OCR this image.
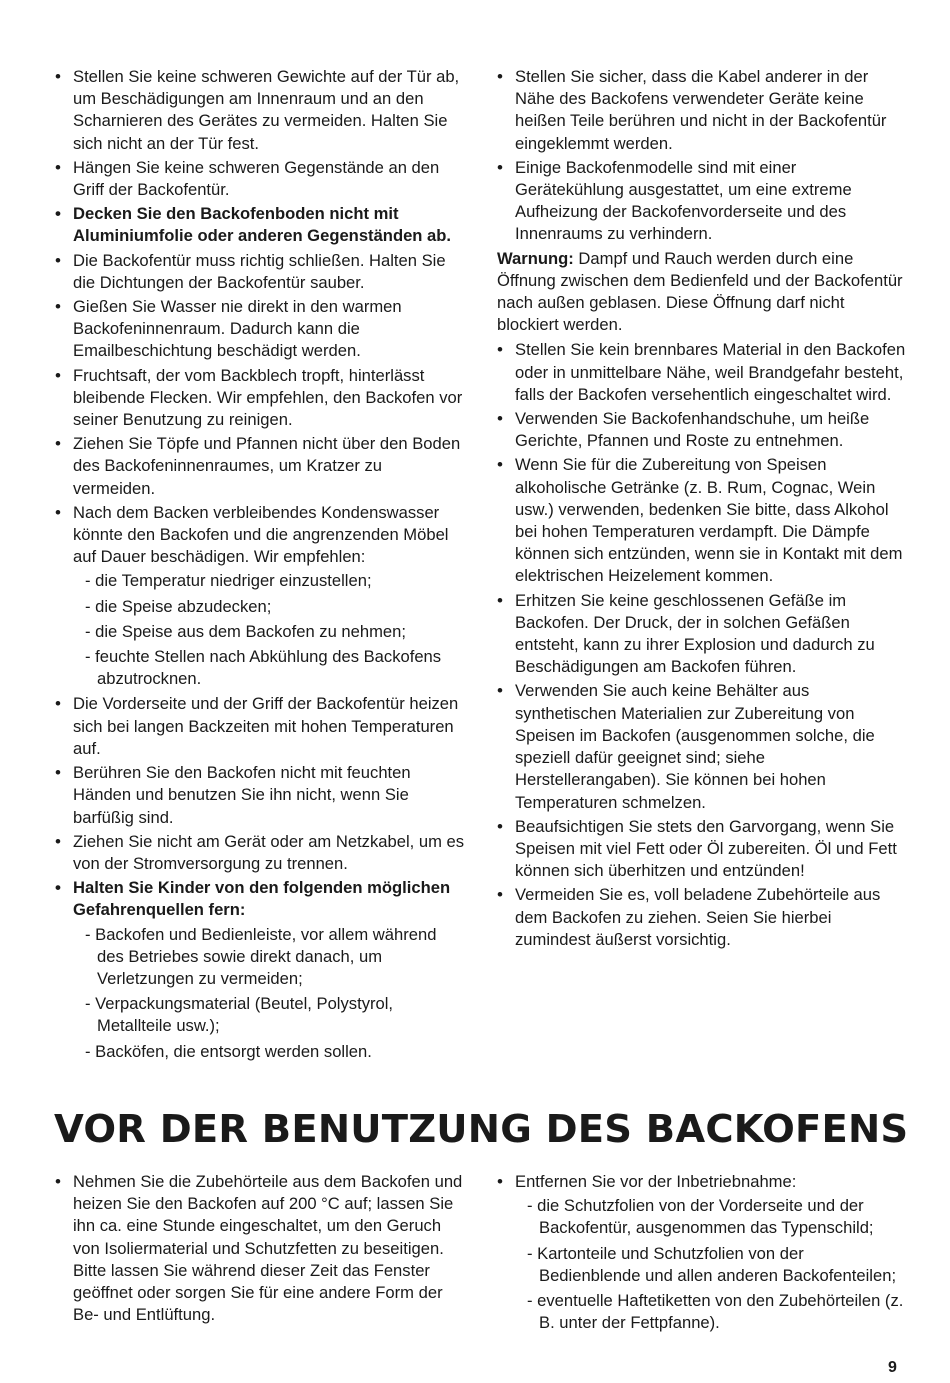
• Stellen Sie keine schweren Gewichte auf der Tür ab, um Beschädigungen am Innenraum und an den Scharnieren des Gerätes zu vermeiden. Halten Sie sich nicht an der Tür fest.
• Hängen Sie keine schweren Gegenstände an den Griff der Backofentür.
• Decken Sie den Backofenboden nicht mit Aluminiumfolie oder anderen Gegenständen ab.
• Die Backofentür muss richtig schließen. Halten Sie die Dichtungen der Backofentür sauber.
• Gießen Sie Wasser nie direkt in den warmen Backofeninnenraum. Dadurch kann die Emailbeschichtung beschädigt werden.
• Fruchtsaft, der vom Backblech tropft, hinterlässt bleibende Flecken. Wir empfehlen, den Backofen vor seiner Benutzung zu reinigen.
• Ziehen Sie Töpfe und Pfannen nicht über den Boden des Backofeninnenraumes, um Kratzer zu vermeiden.
• Nach dem Backen verbleibendes Kondenswasser könnte den Backofen und die angrenzenden Möbel auf Dauer beschädigen. Wir empfehlen:
- die Temperatur niedriger einzustellen;
- die Speise abzudecken;
- die Speise aus dem Backofen zu nehmen;
- feuchte Stellen nach Abkühlung des Backofens abzutrocknen.
• Die Vorderseite und der Griff der Backofentür heizen sich bei langen Backzeiten mit hohen Temperaturen auf.
• Berühren Sie den Backofen nicht mit feuchten Händen und benutzen Sie ihn nicht, wenn Sie barfüßig sind.
• Ziehen Sie nicht am Gerät oder am Netzkabel, um es von der Stromversorgung zu trennen.
• Halten Sie Kinder von den folgenden möglichen Gefahrenquellen fern:
- Backofen und Bedienleiste, vor allem während des Betriebes sowie direkt danach, um Verletzungen zu vermeiden;
- Verpackungsmaterial (Beutel, Polystyrol, Metallteile usw.);
- Backöfen, die entsorgt werden sollen.
• Stellen Sie sicher, dass die Kabel anderer in der Nähe des Backofens verwendeter Geräte keine heißen Teile berühren und nicht in der Backofentür eingeklemmt werden.
• Einige Backofenmodelle sind mit einer Gerätekühlung ausgestattet, um eine extreme Aufheizung der Backofenvorderseite und des Innenraums zu verhindern.
Warnung: Dampf und Rauch werden durch eine Öffnung zwischen dem Bedienfeld und der Backofentür nach außen geblasen. Diese Öffnung darf nicht blockiert werden.
• Stellen Sie kein brennbares Material in den Backofen oder in unmittelbare Nähe, weil Brandgefahr besteht, falls der Backofen versehentlich eingeschaltet wird.
• Verwenden Sie Backofenhandschuhe, um heiße Gerichte, Pfannen und Roste zu entnehmen.
• Wenn Sie für die Zubereitung von Speisen alkoholische Getränke (z. B. Rum, Cognac, Wein usw.) verwenden, bedenken Sie bitte, dass Alkohol bei hohen Temperaturen verdampft. Die Dämpfe können sich entzünden, wenn sie in Kontakt mit dem elektrischen Heizelement kommen.
• Erhitzen Sie keine geschlossenen Gefäße im Backofen. Der Druck, der in solchen Gefäßen entsteht, kann zu ihrer Explosion und dadurch zu Beschädigungen am Backofen führen.
• Verwenden Sie auch keine Behälter aus synthetischen Materialien zur Zubereitung von Speisen im Backofen (ausgenommen solche, die speziell dafür geeignet sind; siehe Herstellerangaben). Sie können bei hohen Temperaturen schmelzen.
• Beaufsichtigen Sie stets den Garvorgang, wenn Sie Speisen mit viel Fett oder Öl zubereiten. Öl und Fett können sich überhitzen und entzünden!
• Vermeiden Sie es, voll beladene Zubehörteile aus dem Backofen zu ziehen. Seien Sie hierbei zumindest äußerst vorsichtig.
VOR DER BENUTZUNG DES BACKOFENS
• Nehmen Sie die Zubehörteile aus dem Backofen und heizen Sie den Backofen auf 200 °C auf; lassen Sie ihn ca. eine Stunde eingeschaltet, um den Geruch von Isoliermaterial und Schutzfetten zu beseitigen. Bitte lassen Sie während dieser Zeit das Fenster geöffnet oder sorgen Sie für eine andere Form der Be- und Entlüftung.
• Entfernen Sie vor der Inbetriebnahme:
- die Schutzfolien von der Vorderseite und der Backofentür, ausgenommen das Typenschild;
- Kartonteile und Schutzfolien von der Bedienblende und allen anderen Backofenteilen;
- eventuelle Haftetiketten von den Zubehörteilen (z. B. unter der Fettpfanne).
9
